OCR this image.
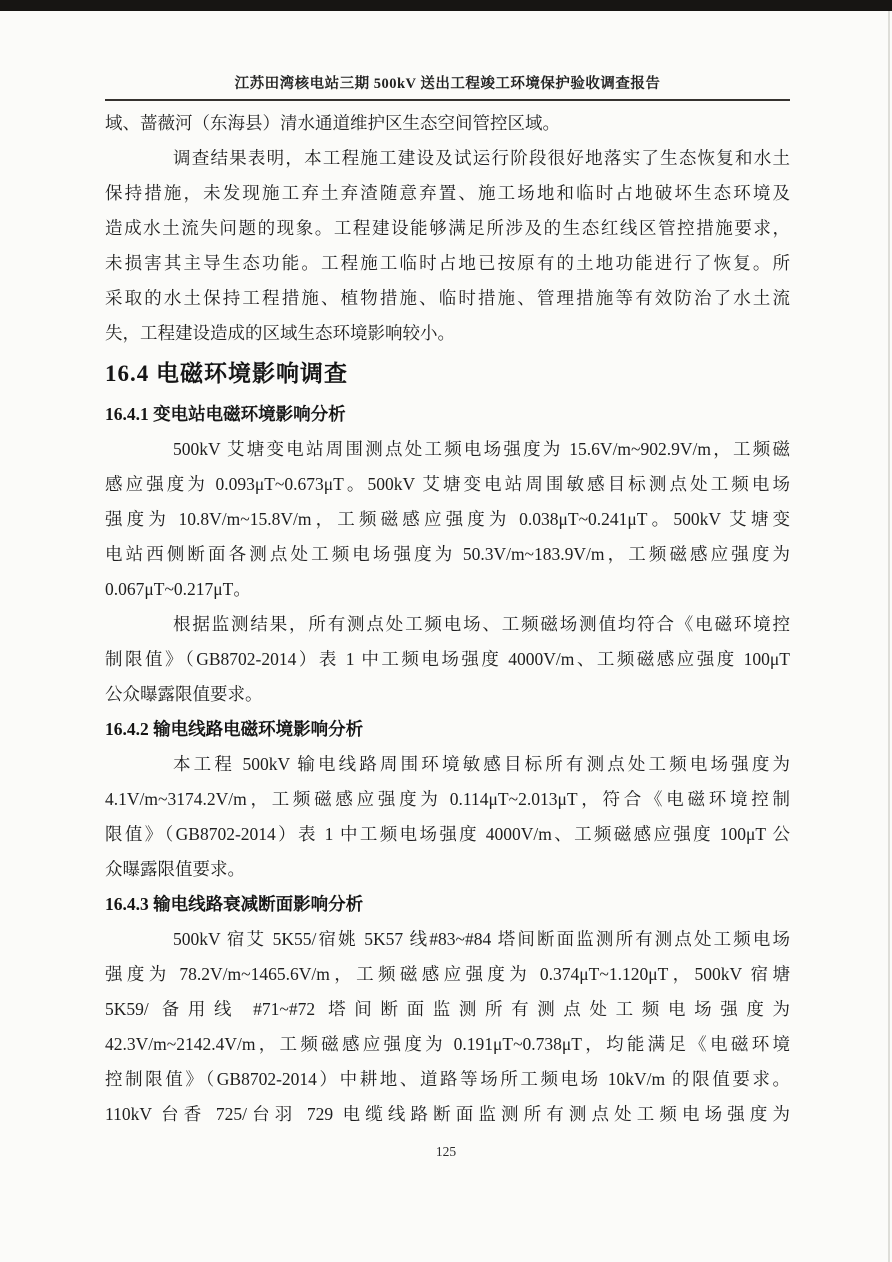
江苏田湾核电站三期 500kV 送出工程竣工环境保护验收调查报告
域、蔷薇河（东海县）清水通道维护区生态空间管控区域。
调查结果表明，本工程施工建设及试运行阶段很好地落实了生态恢复和水土
保持措施，未发现施工弃土弃渣随意弃置、施工场地和临时占地破坏生态环境及
造成水土流失问题的现象。工程建设能够满足所涉及的生态红线区管控措施要求，
未损害其主导生态功能。工程施工临时占地已按原有的土地功能进行了恢复。所
采取的水土保持工程措施、植物措施、临时措施、管理措施等有效防治了水土流
失，工程建设造成的区域生态环境影响较小。
16.4 电磁环境影响调查
16.4.1 变电站电磁环境影响分析
500kV 艾塘变电站周围测点处工频电场强度为 15.6V/m~902.9V/m，工频磁
感应强度为 0.093μT~0.673μT。500kV 艾塘变电站周围敏感目标测点处工频电场
强度为 10.8V/m~15.8V/m，工频磁感应强度为 0.038μT~0.241μT。500kV 艾塘变
电站西侧断面各测点处工频电场强度为 50.3V/m~183.9V/m，工频磁感应强度为
0.067μT~0.217μT。
根据监测结果，所有测点处工频电场、工频磁场测值均符合《电磁环境控
制限值》（GB8702-2014）表 1 中工频电场强度 4000V/m、工频磁感应强度 100μT
公众曝露限值要求。
16.4.2 输电线路电磁环境影响分析
本工程 500kV 输电线路周围环境敏感目标所有测点处工频电场强度为
4.1V/m~3174.2V/m，工频磁感应强度为 0.114μT~2.013μT，符合《电磁环境控制
限值》（GB8702-2014）表 1 中工频电场强度 4000V/m、工频磁感应强度 100μT 公
众曝露限值要求。
16.4.3 输电线路衰减断面影响分析
500kV 宿艾 5K55/宿姚 5K57 线#83~#84 塔间断面监测所有测点处工频电场
强度为 78.2V/m~1465.6V/m，工频磁感应强度为 0.374μT~1.120μT，500kV 宿塘
5K59/ 备用线 #71~#72 塔间断面监测所有测点处工频电场强度为
42.3V/m~2142.4V/m，工频磁感应强度为 0.191μT~0.738μT，均能满足《电磁环境
控制限值》（GB8702-2014）中耕地、道路等场所工频电场 10kV/m 的限值要求。
110kV 台香 725/台羽 729 电缆线路断面监测所有测点处工频电场强度为
125
